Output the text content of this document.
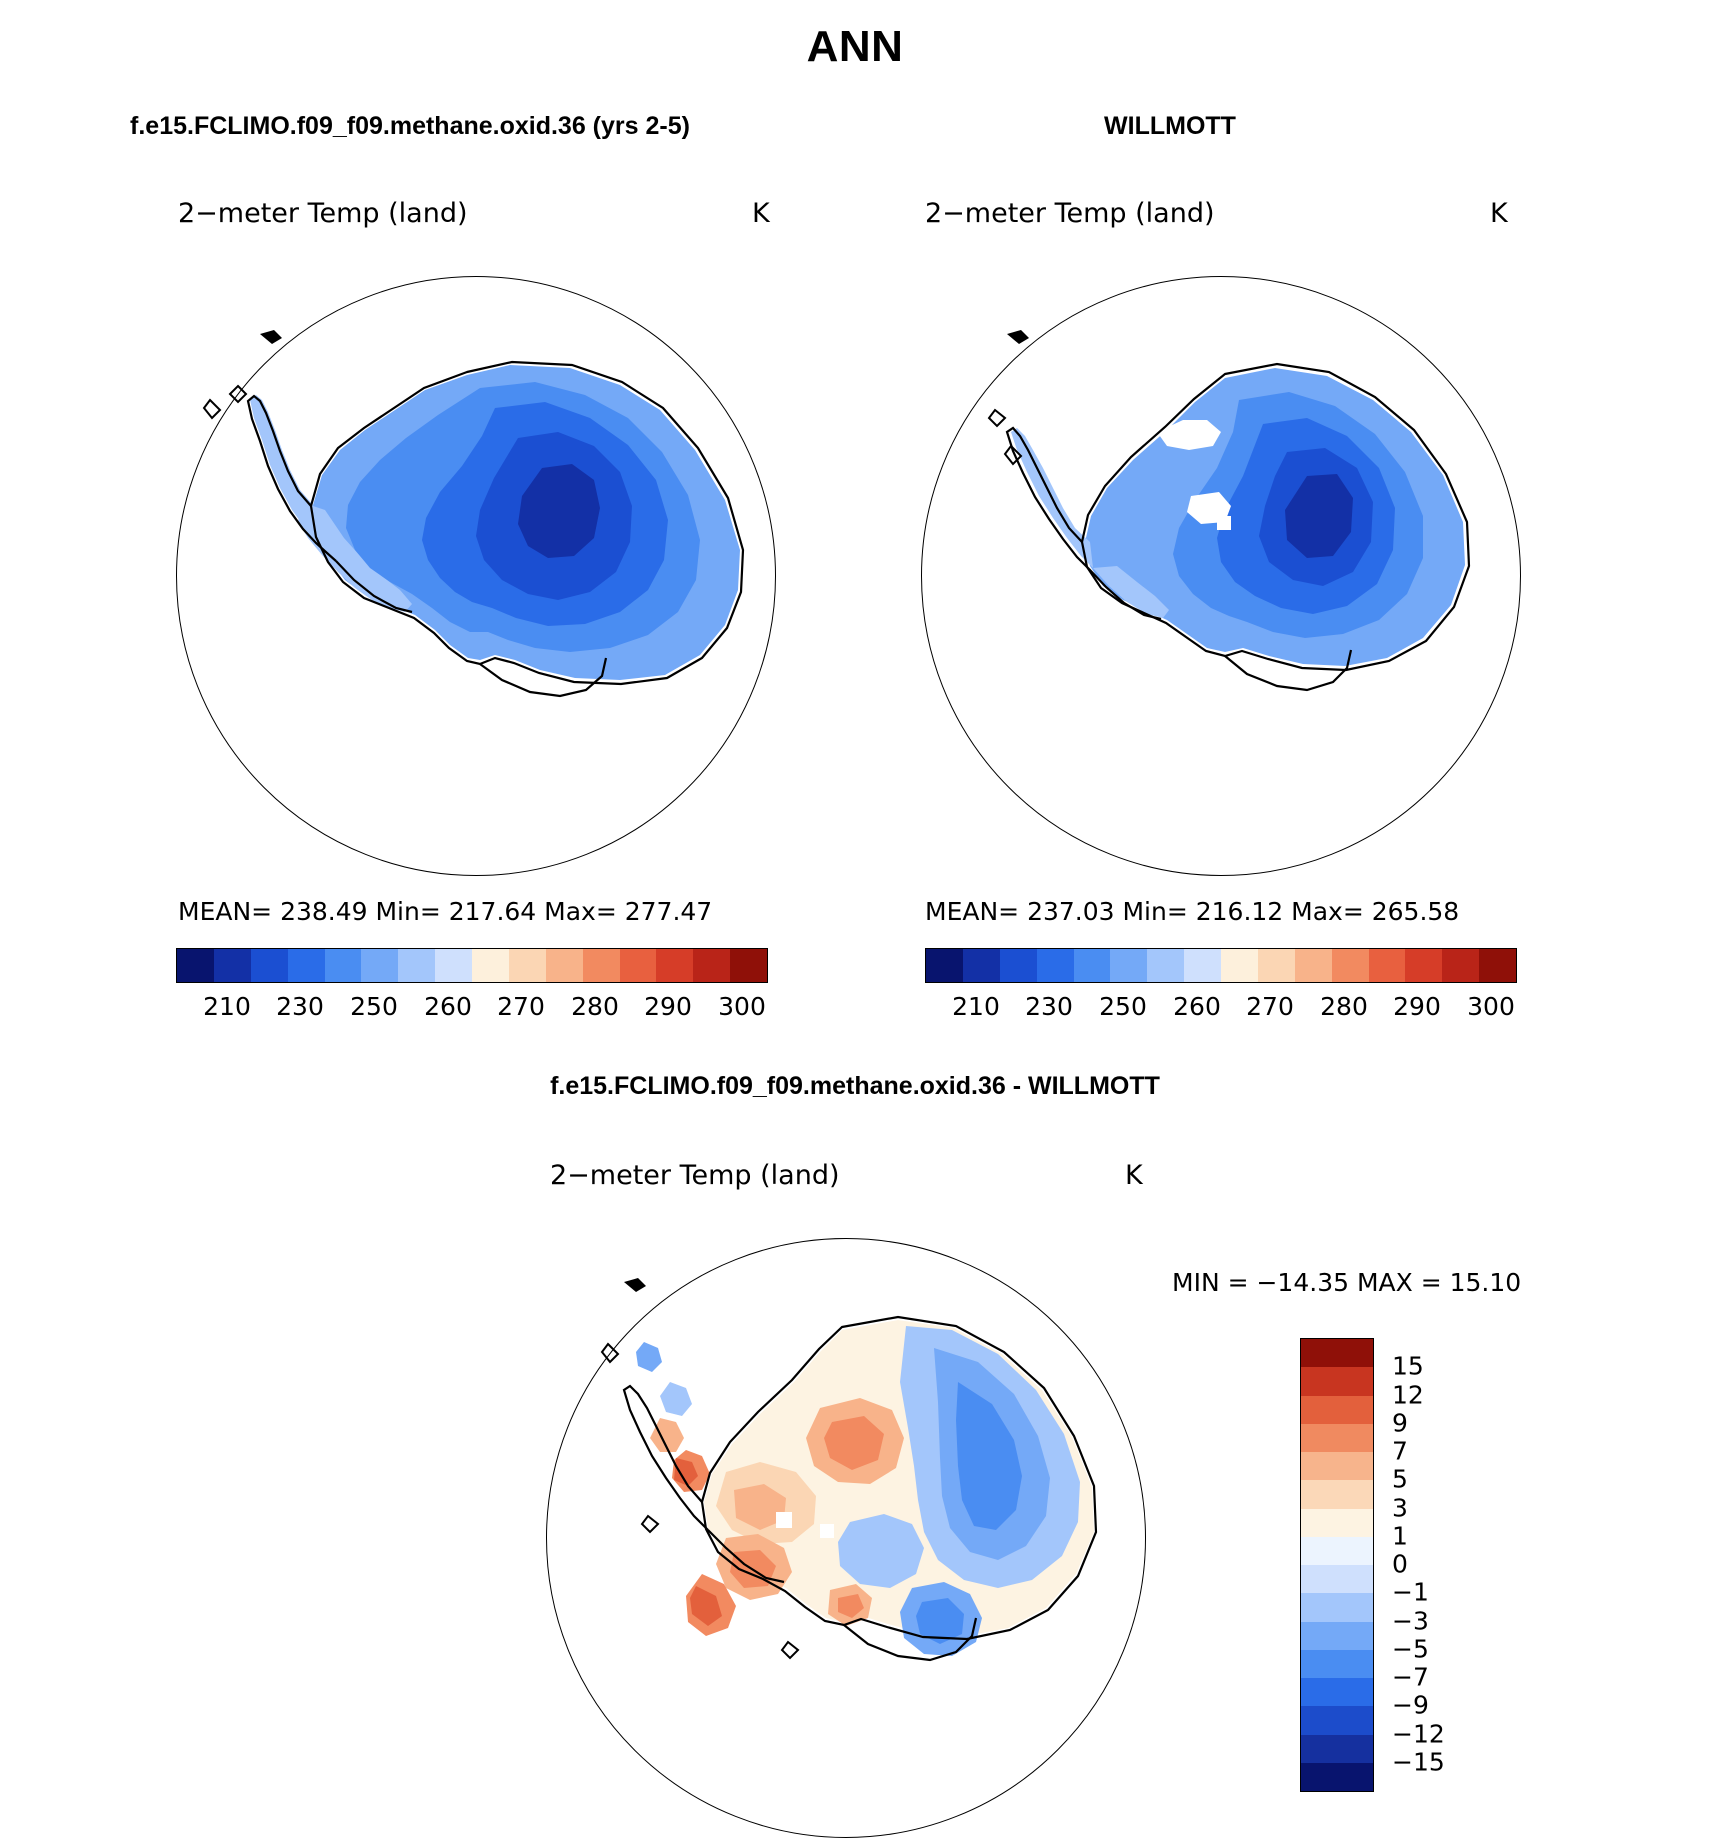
ANN
f.e15.FCLIMO.f09_f09.methane.oxid.36 (yrs 2-5)
2−meter Temp (land)	K
MEAN= 238.49 Min= 217.64 Max= 277.47
210 230 250 260 270 280 290 300
WILLMOTT
2−meter Temp (land)	K
MEAN= 237.03 Min= 216.12 Max= 265.58
210 230 250 260 270 280 290 300
f.e15.FCLIMO.f09_f09.methane.oxid.36 - WILLMOTT
2−meter Temp (land)	K
MIN = −14.35 MAX = 15.10
15
12
9
7
5
3
1
0
−1
−3
−5
−7
−9
−12
−15
